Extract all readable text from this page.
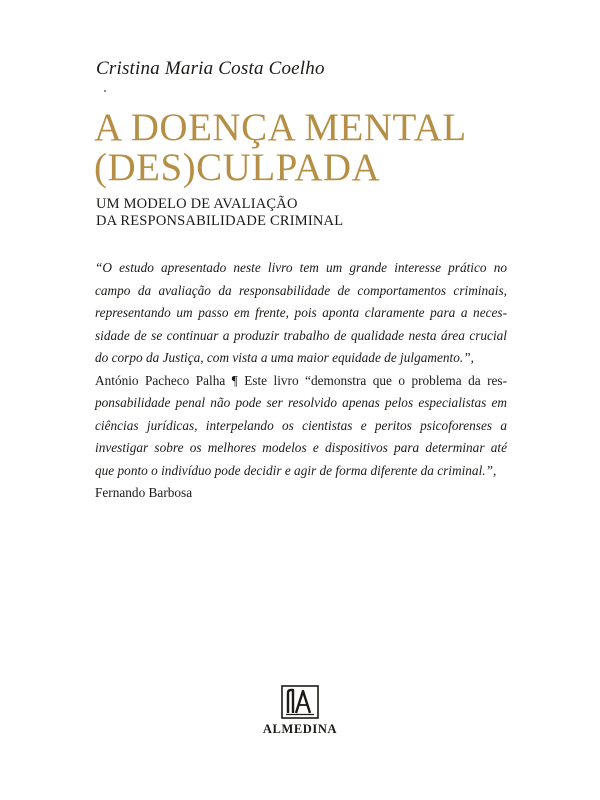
Cristina Maria Costa Coelho
A DOENÇA MENTAL
(DES)CULPADA
UM MODELO DE AVALIAÇÃO
DA RESPONSABILIDADE CRIMINAL
“O estudo apresentado neste livro tem um grande interesse prático no
campo da avaliação da responsabilidade de comportamentos criminais,
representando um passo em frente, pois aponta claramente para a neces-
sidade de se continuar a produzir trabalho de qualidade nesta área crucial
do corpo da Justiça, com vista a uma maior equidade de julgamento.”,
António Pacheco Palha ¶ Este livro “demonstra que o problema da res-
ponsabilidade penal não pode ser resolvido apenas pelos especialistas em
ciências jurídicas, interpelando os cientistas e peritos psicoforenses a
investigar sobre os melhores modelos e dispositivos para determinar até
que ponto o indivíduo pode decidir e agir de forma diferente da criminal.”,
Fernando Barbosa
ALMEDINA
